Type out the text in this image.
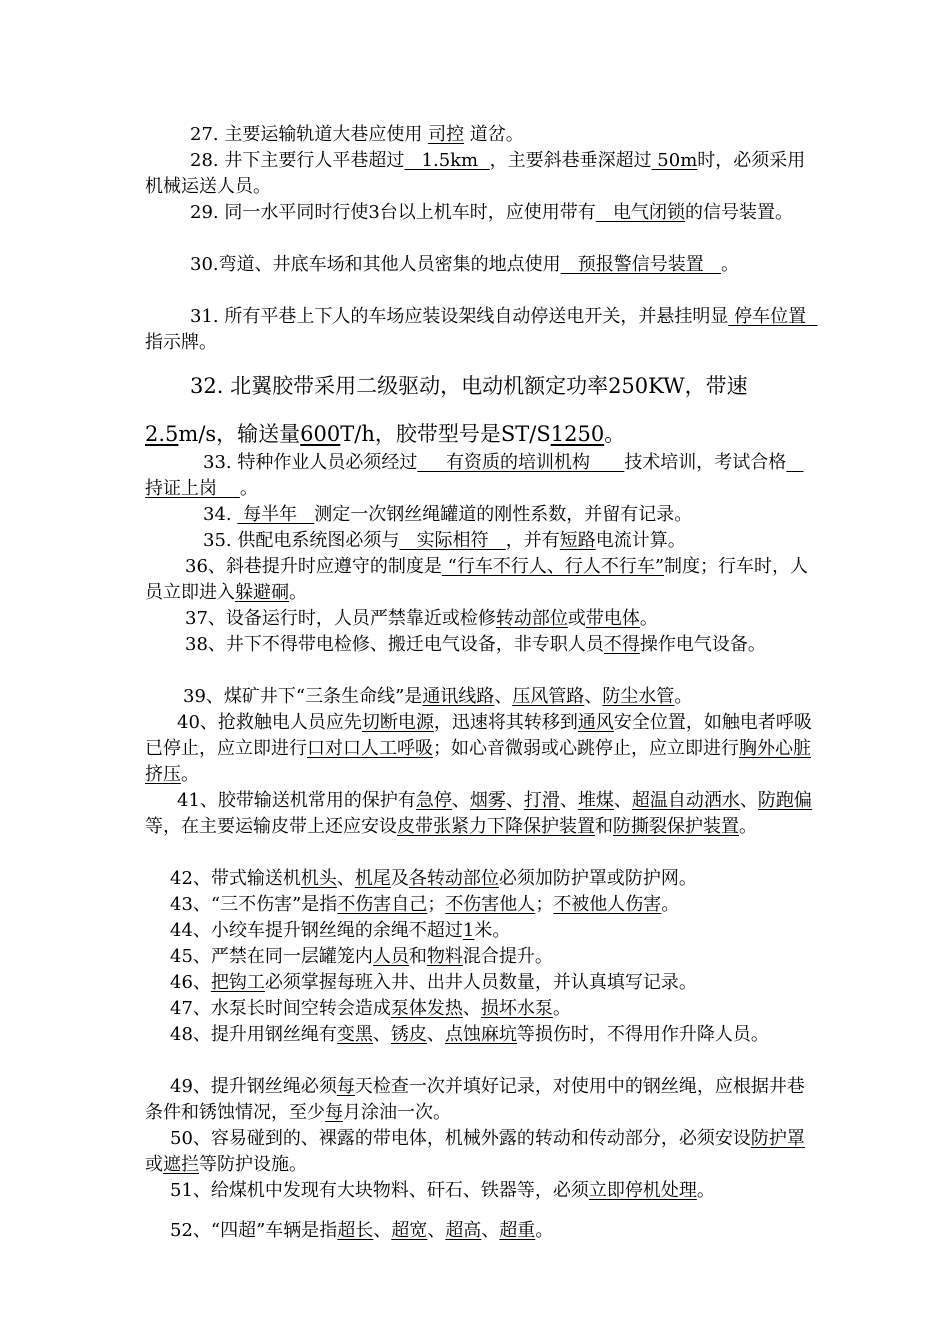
27. 主要运输轨道大巷应使用 司控 道岔。

28. 井下主要行人平巷超过   1.5km  ，主要斜巷垂深超过 50m时，必须采用机械运送人员。

29. 同一水平同时行使3台以上机车时，应使用带有   电气闭锁的信号装置。

30.弯道、井底车场和其他人员密集的地点使用   预报警信号装置   。

31. 所有平巷上下人的车场应装设架线自动停送电开关，并悬挂明显 停车位置  指示牌。

32. 北翼胶带采用二级驱动，电动机额定功率250KW，带速2.5m/s，输送量600T/h，胶带型号是ST/S1250。

33. 特种作业人员必须经过     有资质的培训机构      技术培训，考试合格   持证上岗    。

34.  每半年   测定一次钢丝绳罐道的刚性系数，并留有记录。

35. 供配电系统图必须与   实际相符   ，并有短路电流计算。

36、斜巷提升时应遵守的制度是 “行车不行人、行人不行车”制度；行车时，人员立即进入躲避硐。

37、设备运行时，人员严禁靠近或检修转动部位或带电体。

38、井下不得带电检修、搬迁电气设备，非专职人员不得操作电气设备。

39、煤矿井下“三条生命线”是通讯线路、压风管路、防尘水管。

40、抢救触电人员应先切断电源，迅速将其转移到通风安全位置，如触电者呼吸已停止，应立即进行口对口人工呼吸；如心音微弱或心跳停止，应立即进行胸外心脏挤压。

41、胶带输送机常用的保护有急停、烟雾、打滑、堆煤、超温自动洒水、防跑偏等，在主要运输皮带上还应安设皮带张紧力下降保护装置和防撕裂保护装置。

42、带式输送机机头、机尾及各转动部位必须加防护罩或防护网。

43、“三不伤害”是指不伤害自己；不伤害他人；不被他人伤害。

44、小绞车提升钢丝绳的余绳不超过1米。

45、严禁在同一层罐笼内人员和物料混合提升。

46、把钩工必须掌握每班入井、出井人员数量，并认真填写记录。

47、水泵长时间空转会造成泵体发热、损坏水泵。

48、提升用钢丝绳有变黑、锈皮、点蚀麻坑等损伤时，不得用作升降人员。

49、提升钢丝绳必须每天检查一次并填好记录，对使用中的钢丝绳，应根据井巷条件和锈蚀情况，至少每月涂油一次。

50、容易碰到的、裸露的带电体，机械外露的转动和传动部分，必须安设防护罩或遮拦等防护设施。

51、给煤机中发现有大块物料、矸石、铁器等，必须立即停机处理。

52、“四超”车辆是指超长、超宽、超高、超重。
